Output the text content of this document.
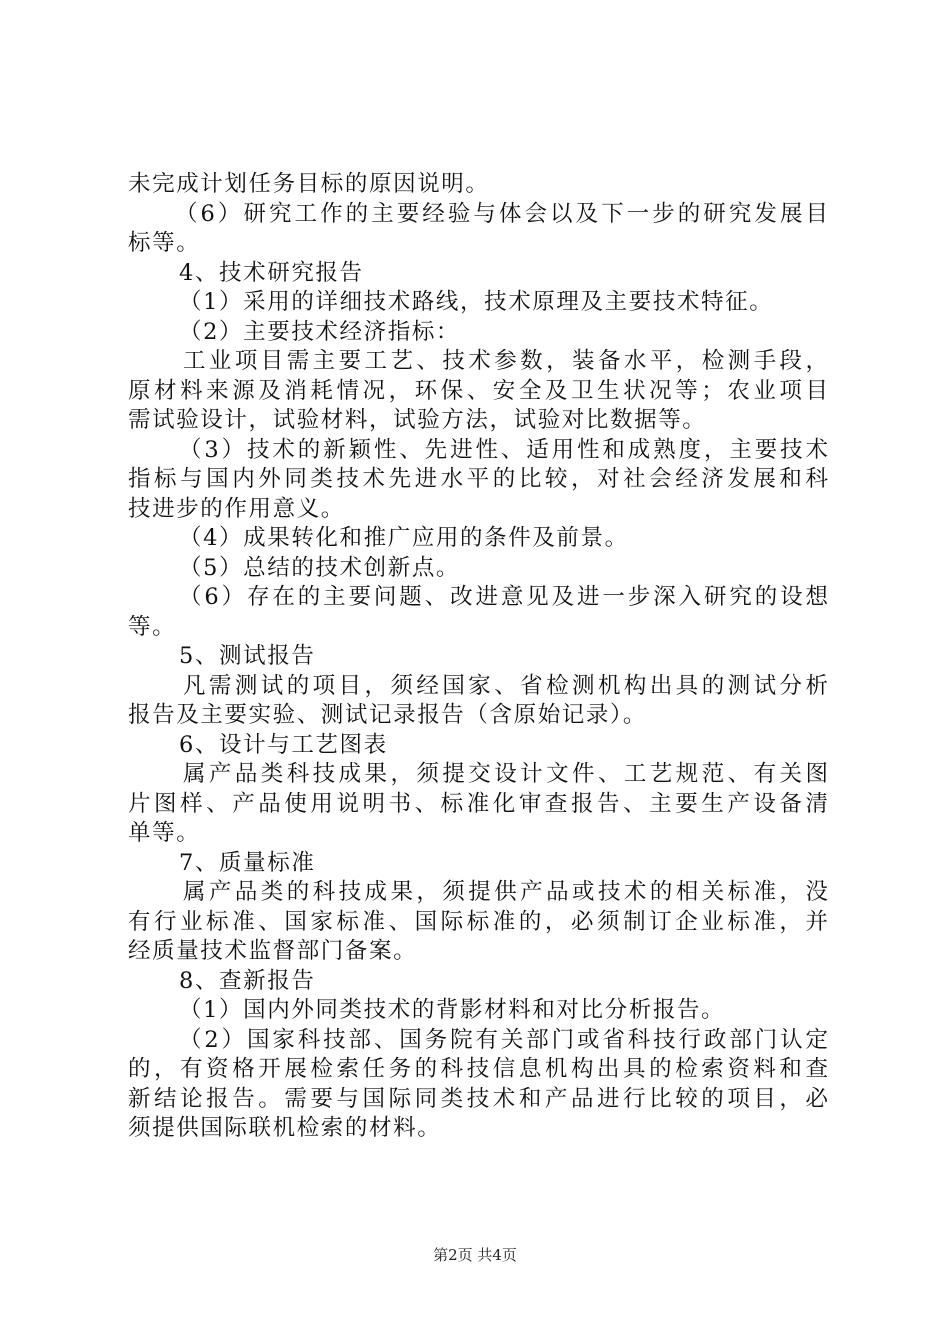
未完成计划任务目标的原因说明。
（6）研究工作的主要经验与体会以及下一步的研究发展目
标等。
4、技术研究报告
（1）采用的详细技术路线，技术原理及主要技术特征。
（2）主要技术经济指标：
工业项目需主要工艺、技术参数，装备水平，检测手段，
原材料来源及消耗情况，环保、安全及卫生状况等；农业项目
需试验设计，试验材料，试验方法，试验对比数据等。
（3）技术的新颖性、先进性、适用性和成熟度，主要技术
指标与国内外同类技术先进水平的比较，对社会经济发展和科
技进步的作用意义。
（4）成果转化和推广应用的条件及前景。
（5）总结的技术创新点。
（6）存在的主要问题、改进意见及进一步深入研究的设想
等。
5、测试报告
凡需测试的项目，须经国家、省检测机构出具的测试分析
报告及主要实验、测试记录报告（含原始记录）。
6、设计与工艺图表
属产品类科技成果，须提交设计文件、工艺规范、有关图
片图样、产品使用说明书、标准化审查报告、主要生产设备清
单等。
7、质量标准
属产品类的科技成果，须提供产品或技术的相关标准，没
有行业标准、国家标准、国际标准的，必须制订企业标准，并
经质量技术监督部门备案。
8、查新报告
（1）国内外同类技术的背影材料和对比分析报告。
（2）国家科技部、国务院有关部门或省科技行政部门认定
的，有资格开展检索任务的科技信息机构出具的检索资料和查
新结论报告。需要与国际同类技术和产品进行比较的项目，必
须提供国际联机检索的材料。
第2页 共4页
